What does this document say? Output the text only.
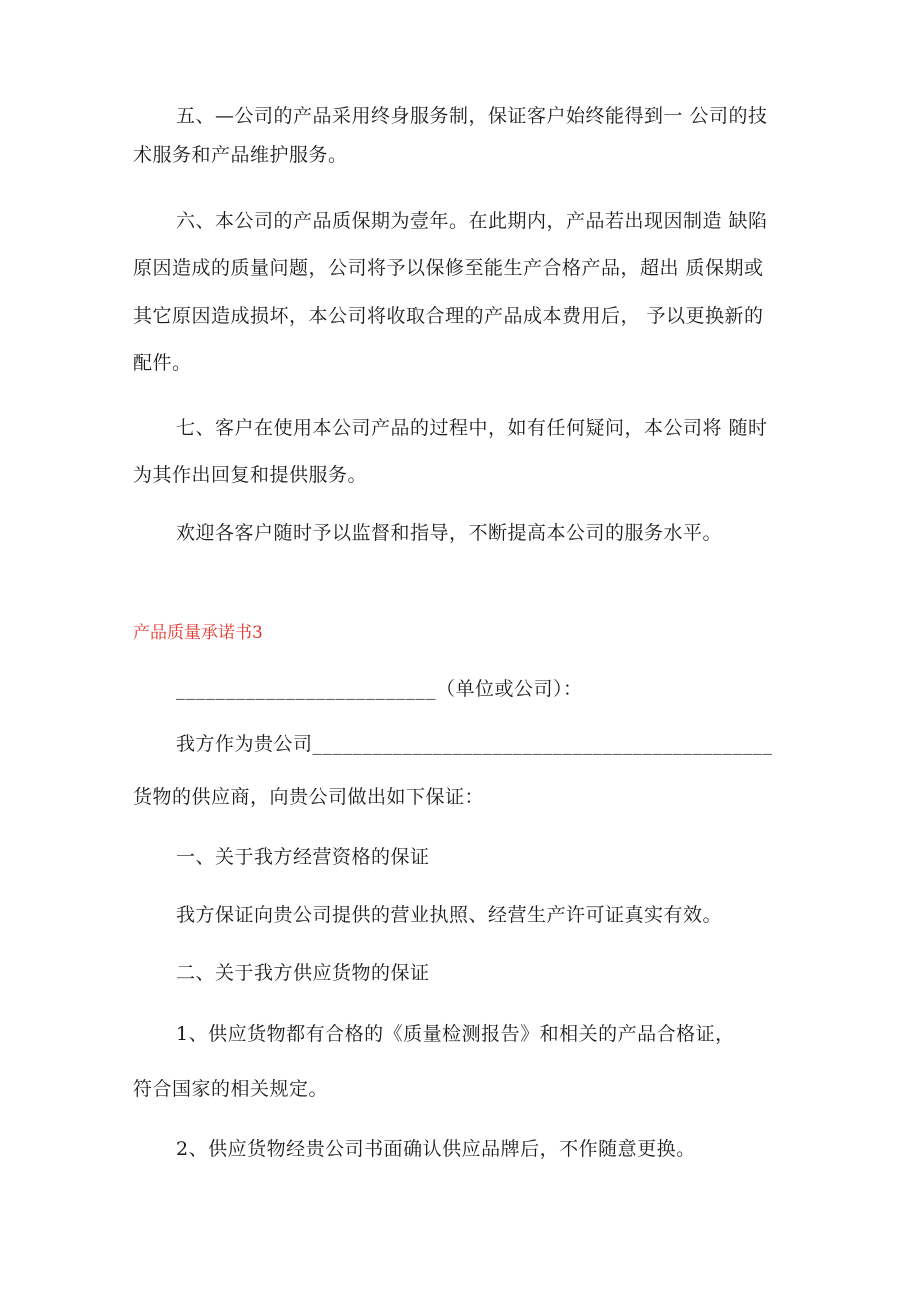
五、—公司的产品采用终身服务制，保证客户始终能得到一 公司的技
术服务和产品维护服务。
六、本公司的产品质保期为壹年。在此期内，产品若出现因制造 缺陷
原因造成的质量问题，公司将予以保修至能生产合格产品，超出 质保期或
其它原因造成损坏，本公司将收取合理的产品成本费用后， 予以更换新的
配件。
七、客户在使用本公司产品的过程中，如有任何疑问，本公司将 随时
为其作出回复和提供服务。
欢迎各客户随时予以监督和指导，不断提高本公司的服务水平。
产品质量承诺书3
__________________________（单位或公司）：
我方作为贵公司______________________________________________
货物的供应商，向贵公司做出如下保证：
一、关于我方经营资格的保证
我方保证向贵公司提供的营业执照、经营生产许可证真实有效。
二、关于我方供应货物的保证
1、供应货物都有合格的《质量检测报告》和相关的产品合格证，
符合国家的相关规定。
2、供应货物经贵公司书面确认供应品牌后，不作随意更换。
